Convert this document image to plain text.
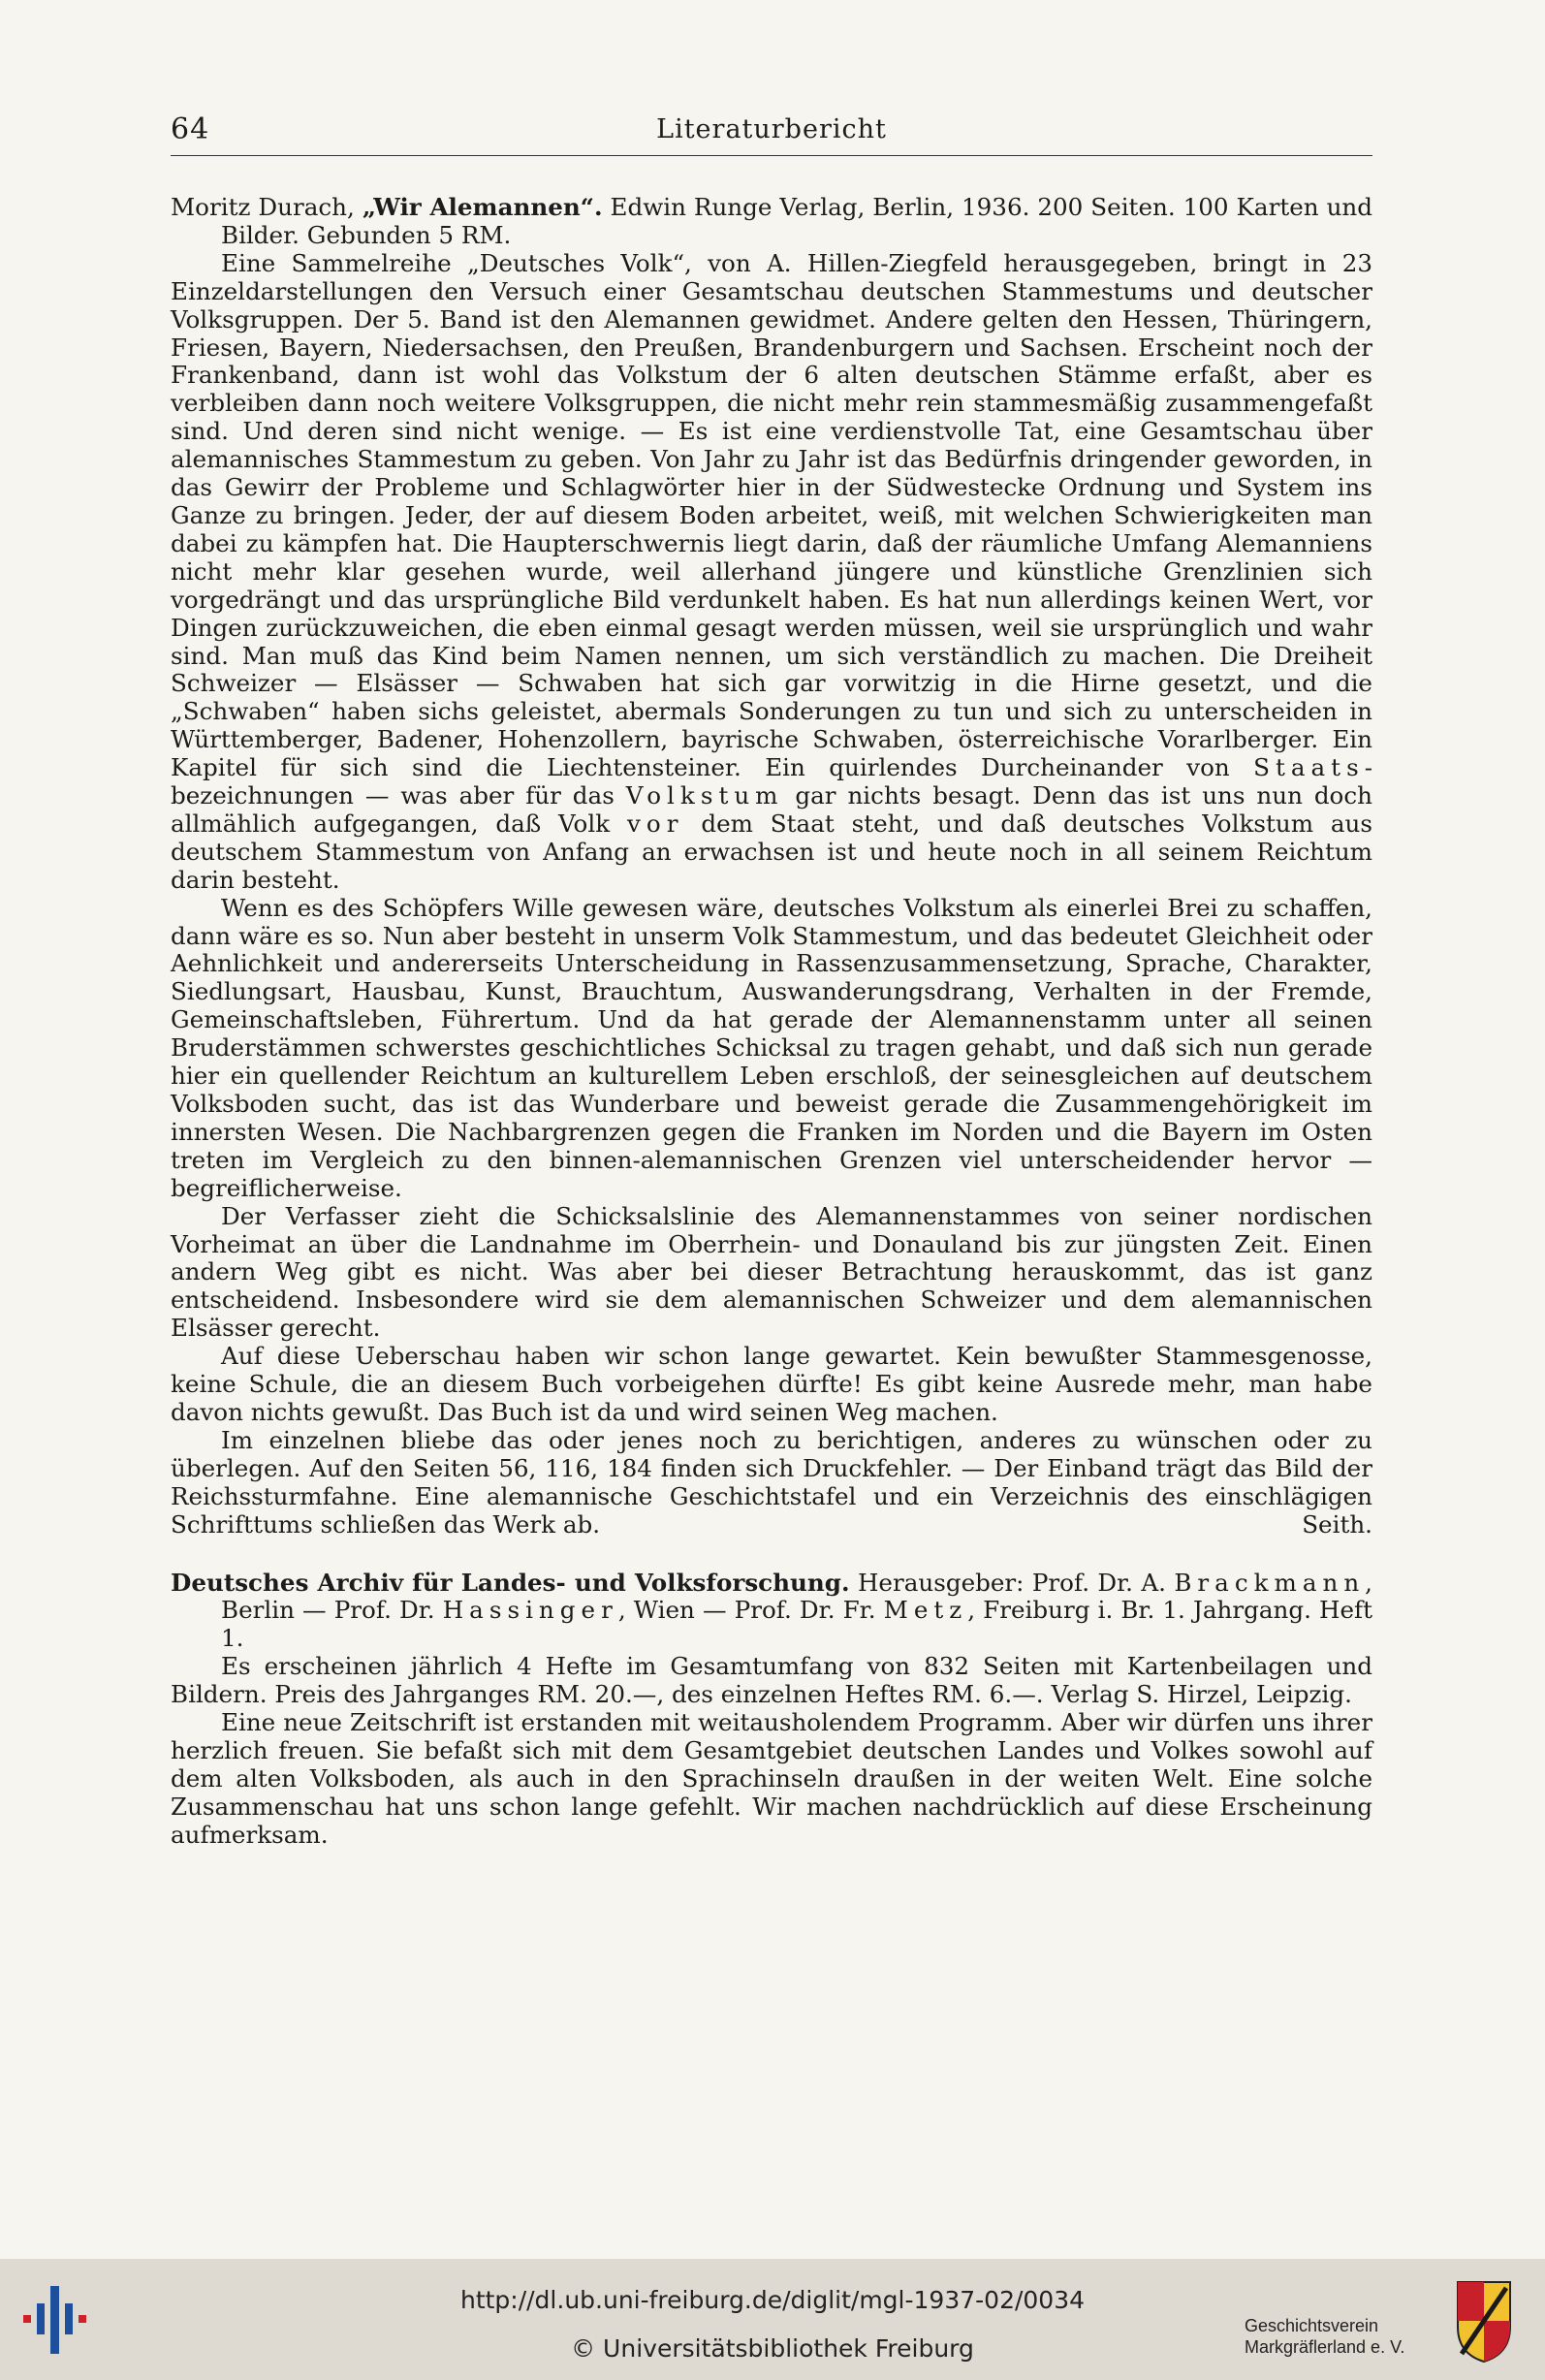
64	Literaturbericht

Moritz Durach, „Wir Alemannen“. Edwin Runge Verlag, Berlin, 1936. 200 Seiten. 100 Karten und Bilder. Gebunden 5 RM.

Eine Sammelreihe „Deutsches Volk“, von A. Hillen-Ziegfeld herausgegeben, bringt in 23 Einzeldarstellungen den Versuch einer Gesamtschau deutschen Stammestums und deutscher Volksgruppen. Der 5. Band ist den Alemannen gewidmet. Andere gelten den Hessen, Thüringern, Friesen, Bayern, Niedersachsen, den Preußen, Brandenburgern und Sachsen. Erscheint noch der Frankenband, dann ist wohl das Volkstum der 6 alten deutschen Stämme erfaßt, aber es verbleiben dann noch weitere Volksgruppen, die nicht mehr rein stammesmäßig zusammengefaßt sind. Und deren sind nicht wenige. — Es ist eine verdienstvolle Tat, eine Gesamtschau über alemannisches Stammestum zu geben. Von Jahr zu Jahr ist das Bedürfnis dringender geworden, in das Gewirr der Probleme und Schlagwörter hier in der Südwestecke Ordnung und System ins Ganze zu bringen. Jeder, der auf diesem Boden arbeitet, weiß, mit welchen Schwierigkeiten man dabei zu kämpfen hat. Die Haupterschwernis liegt darin, daß der räumliche Umfang Alemanniens nicht mehr klar gesehen wurde, weil allerhand jüngere und künstliche Grenzlinien sich vorgedrängt und das ursprüngliche Bild verdunkelt haben. Es hat nun allerdings keinen Wert, vor Dingen zurückzuweichen, die eben einmal gesagt werden müssen, weil sie ursprünglich und wahr sind. Man muß das Kind beim Namen nennen, um sich verständlich zu machen. Die Dreiheit Schweizer — Elsässer — Schwaben hat sich gar vorwitzig in die Hirne gesetzt, und die „Schwaben“ haben sichs geleistet, abermals Sonderungen zu tun und sich zu unterscheiden in Württemberger, Badener, Hohenzollern, bayrische Schwaben, österreichische Vorarlberger. Ein Kapitel für sich sind die Liechtensteiner. Ein quirlendes Durcheinander von Staats-bezeichnungen — was aber für das Volkstum gar nichts besagt. Denn das ist uns nun doch allmählich aufgegangen, daß Volk vor dem Staat steht, und daß deutsches Volkstum aus deutschem Stammestum von Anfang an erwachsen ist und heute noch in all seinem Reichtum darin besteht.

Wenn es des Schöpfers Wille gewesen wäre, deutsches Volkstum als einerlei Brei zu schaffen, dann wäre es so. Nun aber besteht in unserm Volk Stammestum, und das bedeutet Gleichheit oder Aehnlichkeit und andererseits Unterscheidung in Rassenzusammensetzung, Sprache, Charakter, Siedlungsart, Hausbau, Kunst, Brauchtum, Auswanderungsdrang, Verhalten in der Fremde, Gemeinschaftsleben, Führertum. Und da hat gerade der Alemannenstamm unter all seinen Bruderstämmen schwerstes geschichtliches Schicksal zu tragen gehabt, und daß sich nun gerade hier ein quellender Reichtum an kulturellem Leben erschloß, der seinesgleichen auf deutschem Volksboden sucht, das ist das Wunderbare und beweist gerade die Zusammengehörigkeit im innersten Wesen. Die Nachbargrenzen gegen die Franken im Norden und die Bayern im Osten treten im Vergleich zu den binnen-alemannischen Grenzen viel unterscheidender hervor — begreiflicherweise.

Der Verfasser zieht die Schicksalslinie des Alemannenstammes von seiner nordischen Vorheimat an über die Landnahme im Oberrhein- und Donauland bis zur jüngsten Zeit. Einen andern Weg gibt es nicht. Was aber bei dieser Betrachtung herauskommt, das ist ganz entscheidend. Insbesondere wird sie dem alemannischen Schweizer und dem alemannischen Elsässer gerecht.

Auf diese Ueberschau haben wir schon lange gewartet. Kein bewußter Stammesgenosse, keine Schule, die an diesem Buch vorbeigehen dürfte! Es gibt keine Ausrede mehr, man habe davon nichts gewußt. Das Buch ist da und wird seinen Weg machen.

Im einzelnen bliebe das oder jenes noch zu berichtigen, anderes zu wünschen oder zu überlegen. Auf den Seiten 56, 116, 184 finden sich Druckfehler. — Der Einband trägt das Bild der Reichssturmfahne. Eine alemannische Geschichtstafel und ein Verzeichnis des einschlägigen Schrifttums schließen das Werk ab.	Seith.

Deutsches Archiv für Landes- und Volksforschung. Herausgeber: Prof. Dr. A. Brackmann, Berlin — Prof. Dr. Hassinger, Wien — Prof. Dr. Fr. Metz, Freiburg i. Br. 1. Jahrgang. Heft 1.

Es erscheinen jährlich 4 Hefte im Gesamtumfang von 832 Seiten mit Kartenbeilagen und Bildern. Preis des Jahrganges RM. 20.—, des einzelnen Heftes RM. 6.—. Verlag S. Hirzel, Leipzig.

Eine neue Zeitschrift ist erstanden mit weitausholendem Programm. Aber wir dürfen uns ihrer herzlich freuen. Sie befaßt sich mit dem Gesamtgebiet deutschen Landes und Volkes sowohl auf dem alten Volksboden, als auch in den Sprachinseln draußen in der weiten Welt. Eine solche Zusammenschau hat uns schon lange gefehlt. Wir machen nachdrücklich auf diese Erscheinung aufmerksam.

http://dl.ub.uni-freiburg.de/diglit/mgl-1937-02/0034
© Universitätsbibliothek Freiburg
Geschichtsverein
Markgräflerland e. V.
